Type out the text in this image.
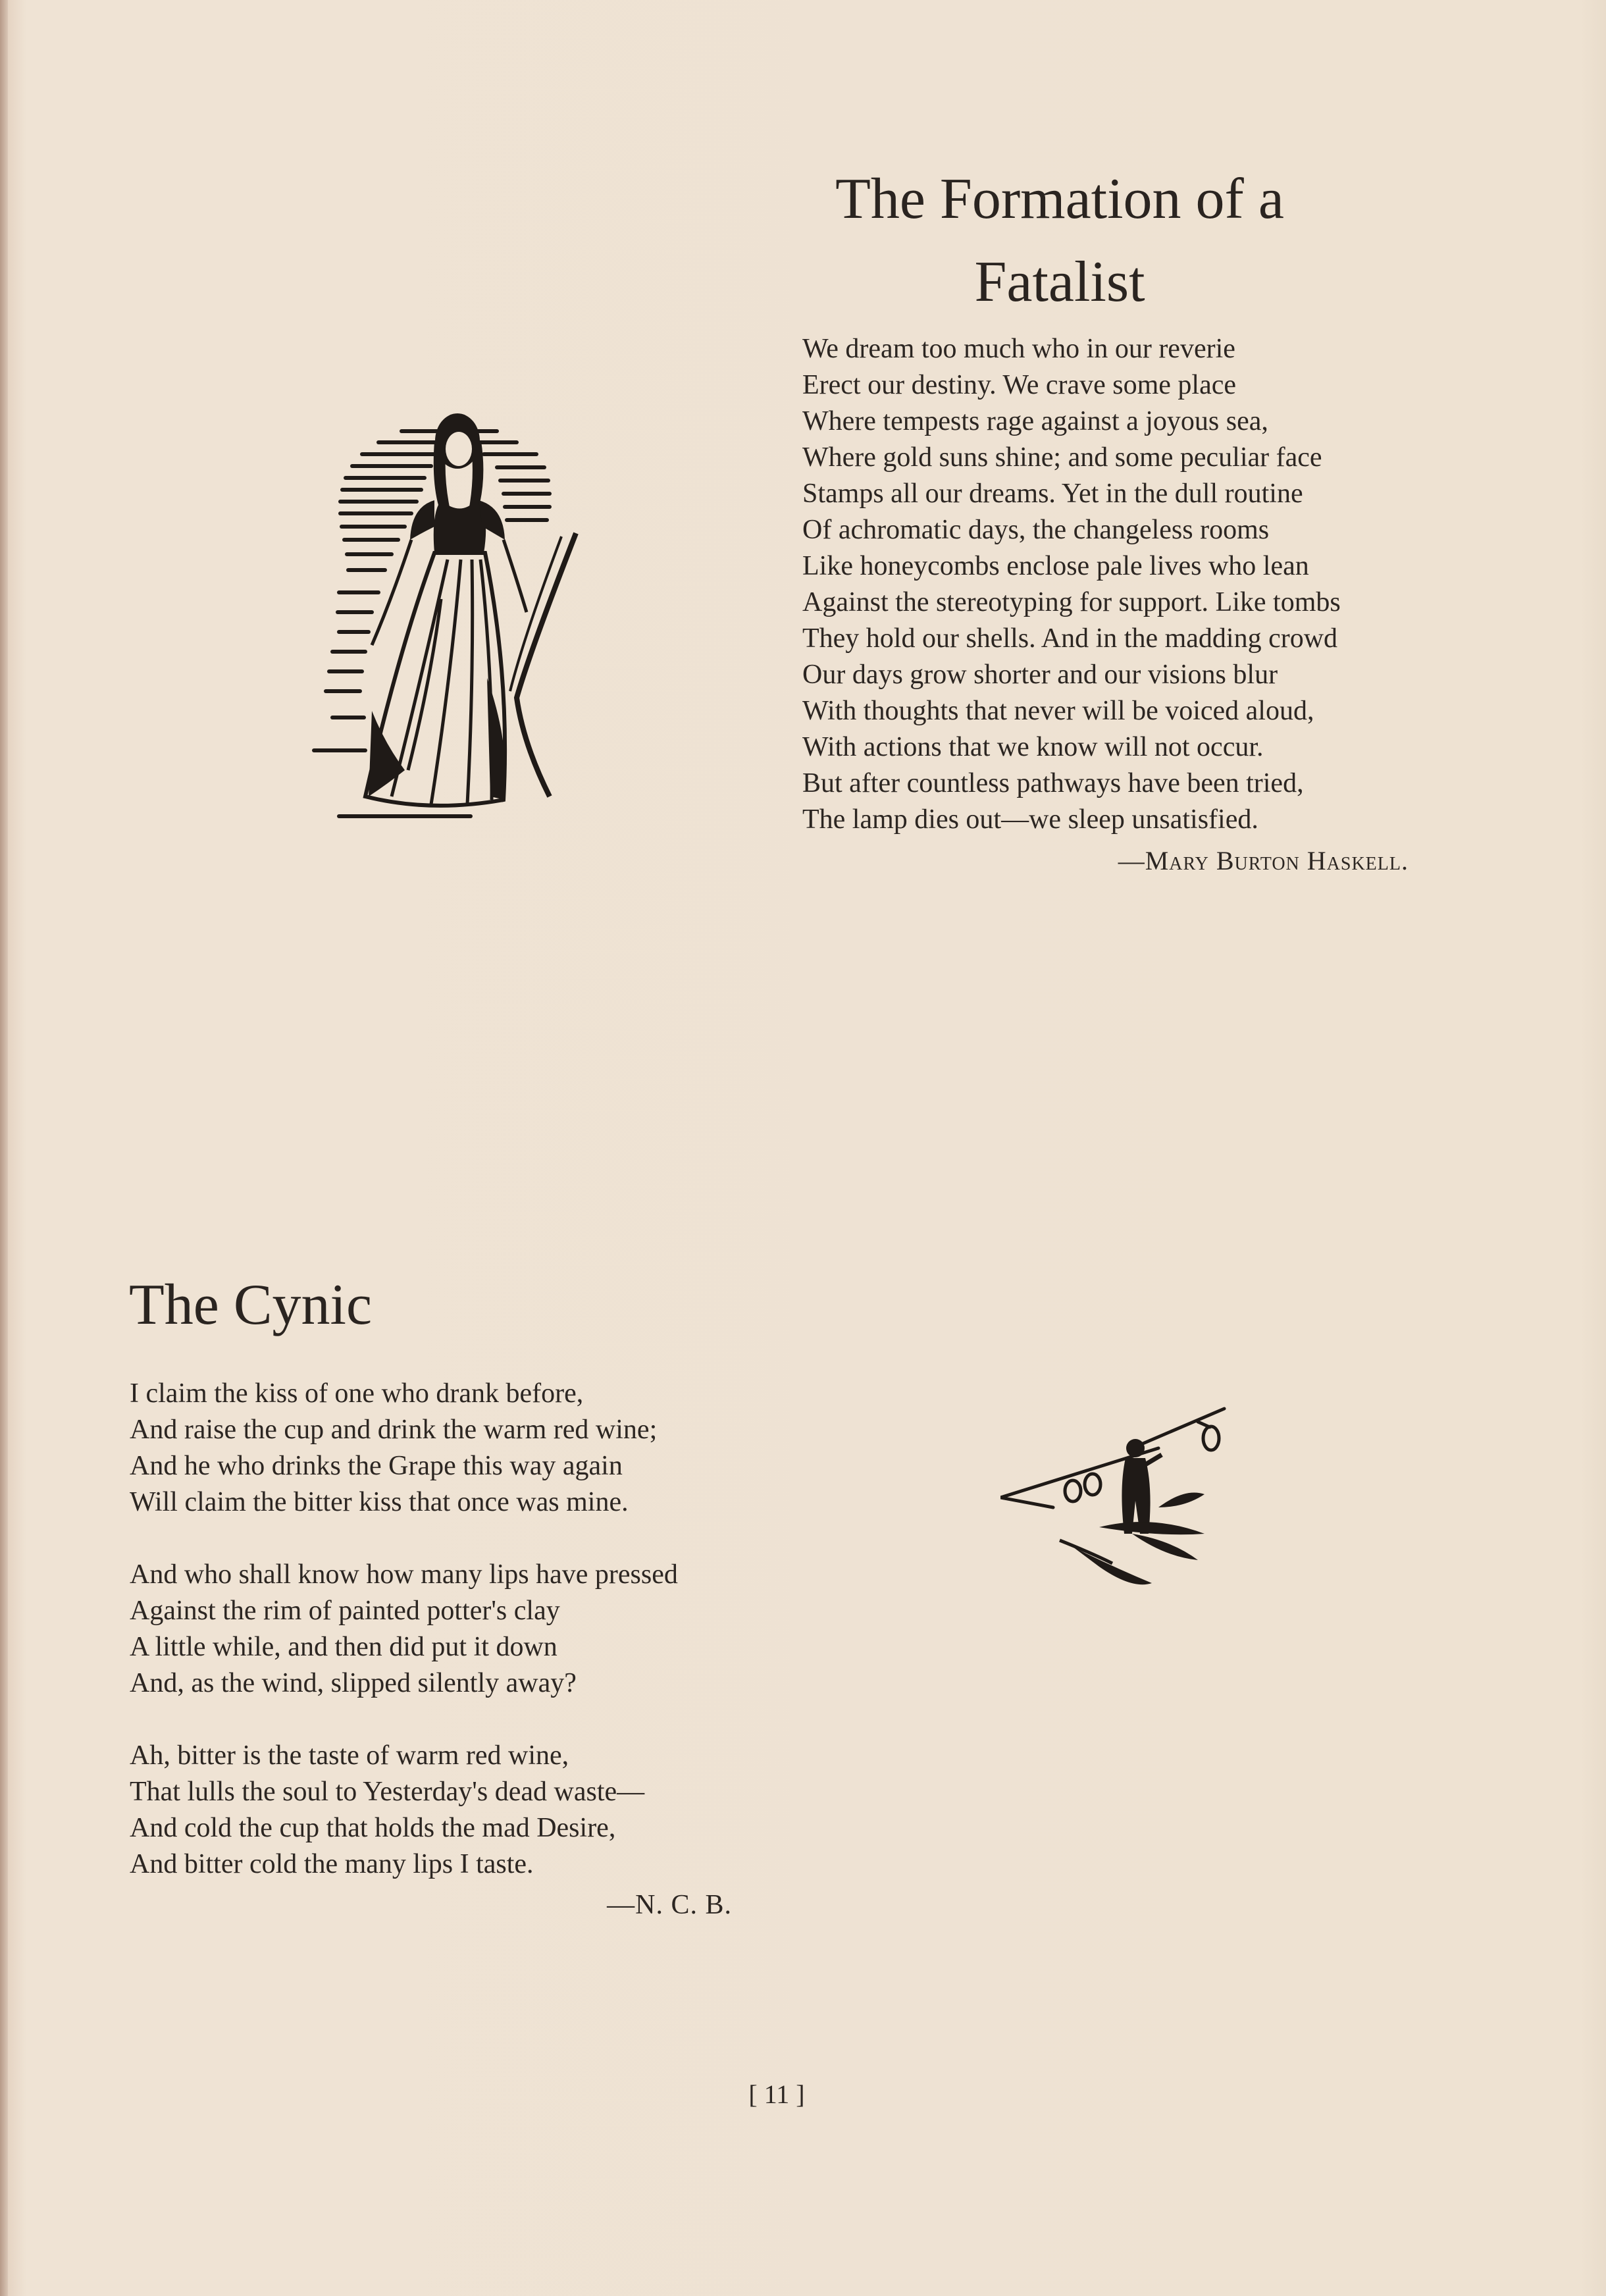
The Formation of a
Fatalist
We dream too much who in our reverie
Erect our destiny. We crave some place
Where tempests rage against a joyous sea,
Where gold suns shine; and some peculiar face
Stamps all our dreams. Yet in the dull routine
Of achromatic days, the changeless rooms
Like honeycombs enclose pale lives who lean
Against the stereotyping for support. Like tombs
They hold our shells. And in the madding crowd
Our days grow shorter and our visions blur
With thoughts that never will be voiced aloud,
With actions that we know will not occur.
But after countless pathways have been tried,
The lamp dies out—we sleep unsatisfied.
—Mary Burton Haskell.
The Cynic
I claim the kiss of one who drank before,
And raise the cup and drink the warm red wine;
And he who drinks the Grape this way again
Will claim the bitter kiss that once was mine.
And who shall know how many lips have pressed
Against the rim of painted potter's clay
A little while, and then did put it down
And, as the wind, slipped silently away?
Ah, bitter is the taste of warm red wine,
That lulls the soul to Yesterday's dead waste—
And cold the cup that holds the mad Desire,
And bitter cold the many lips I taste.
—N. C. B.
[ 11 ]
